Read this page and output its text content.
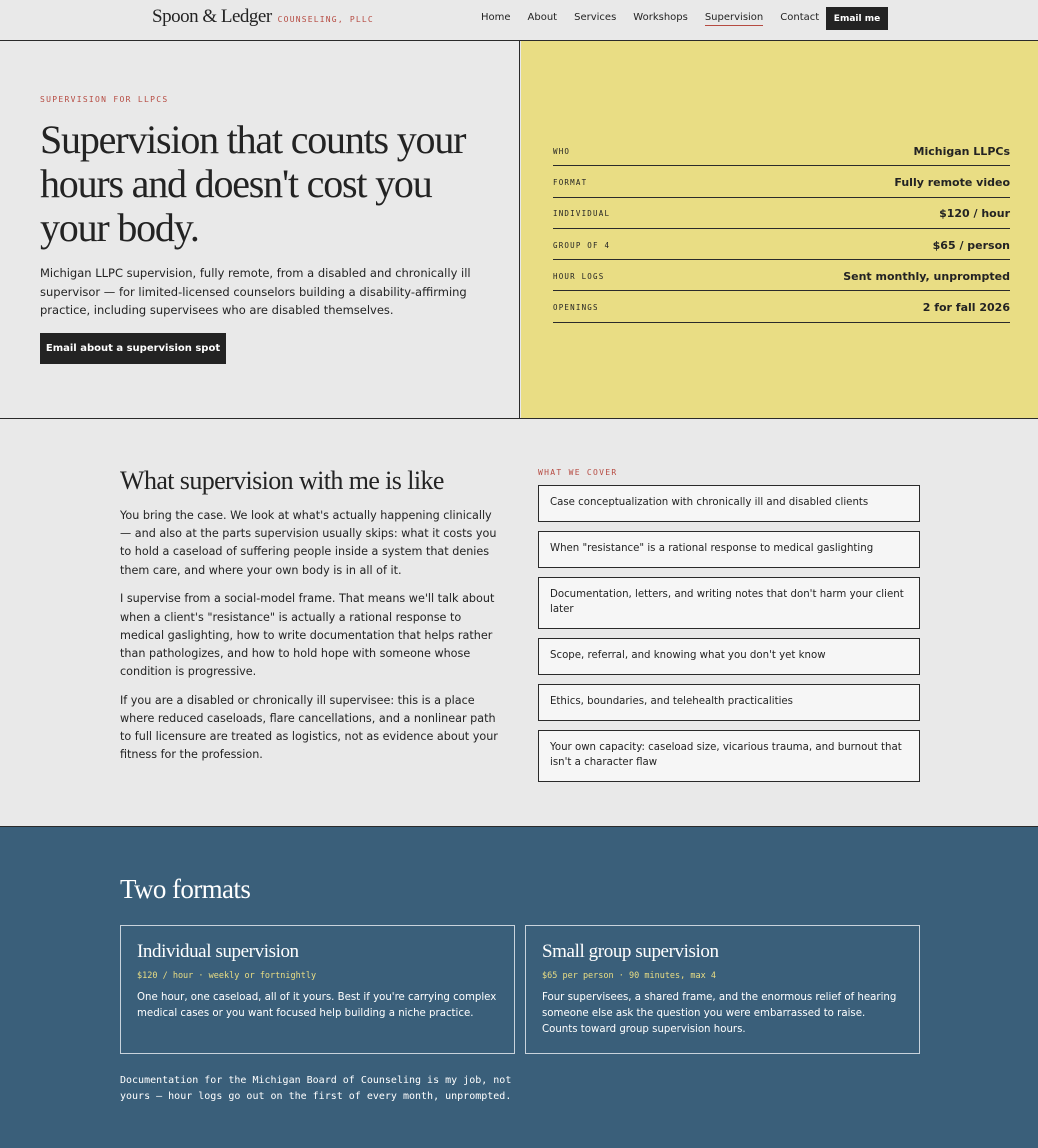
Spoon & Ledger COUNSELING, PLLC	Home About Services Workshops Supervision Contact	Email me
SUPERVISION FOR LLPCS
Supervision that counts your hours and doesn't cost you your body.

Michigan LLPC supervision, fully remote, from a disabled and chronically ill supervisor — for limited-licensed counselors building a disability-affirming practice, including supervisees who are disabled themselves.

Email about a supervision spot
WHO	Michigan LLPCs
FORMAT	Fully remote video
INDIVIDUAL	$120 / hour
GROUP OF 4	$65 / person
HOUR LOGS	Sent monthly, unprompted
OPENINGS	2 for fall 2026
What supervision with me is like

You bring the case. We look at what's actually happening clinically — and also at the parts supervision usually skips: what it costs you to hold a caseload of suffering people inside a system that denies them care, and where your own body is in all of it.

I supervise from a social-model frame. That means we'll talk about when a client's "resistance" is actually a rational response to medical gaslighting, how to write documentation that helps rather than pathologizes, and how to hold hope with someone whose condition is progressive.

If you are a disabled or chronically ill supervisee: this is a place where reduced caseloads, flare cancellations, and a nonlinear path to full licensure are treated as logistics, not as evidence about your fitness for the profession.

WHAT WE COVER
Case conceptualization with chronically ill and disabled clients
When "resistance" is a rational response to medical gaslighting
Documentation, letters, and writing notes that don't harm your client later
Scope, referral, and knowing what you don't yet know
Ethics, boundaries, and telehealth practicalities
Your own capacity: caseload size, vicarious trauma, and burnout that isn't a character flaw
Two formats
Individual supervision
$120 / hour · weekly or fortnightly

One hour, one caseload, all of it yours. Best if you're carrying complex medical cases or you want focused help building a niche practice.

Small group supervision
$65 per person · 90 minutes, max 4

Four supervisees, a shared frame, and the enormous relief of hearing someone else ask the question you were embarrassed to raise. Counts toward group supervision hours.

Documentation for the Michigan Board of Counseling is my job, not yours — hour logs go out on the first of every month, unprompted.
